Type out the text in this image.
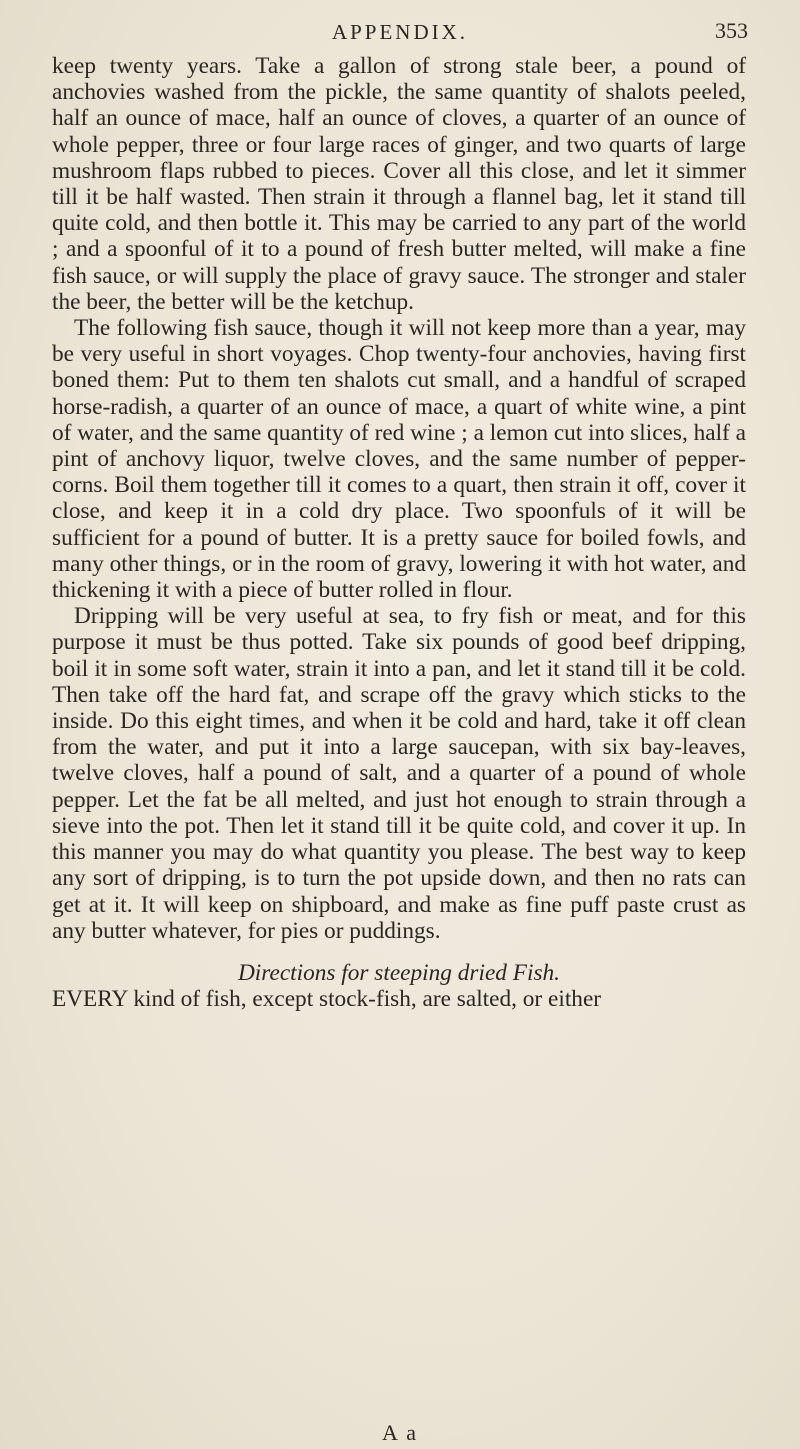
APPENDIX.	353

keep twenty years. Take a gallon of strong stale beer, a pound of anchovies washed from the pickle, the same quantity of shalots peeled, half an ounce of mace, half an ounce of cloves, a quarter of an ounce of whole pepper, three or four large races of ginger, and two quarts of large mushroom flaps rubbed to pieces. Cover all this close, and let it simmer till it be half wasted. Then strain it through a flannel bag, let it stand till quite cold, and then bottle it. This may be carried to any part of the world ; and a spoonful of it to a pound of fresh butter melted, will make a fine fish sauce, or will supply the place of gravy sauce. The stronger and staler the beer, the better will be the ketchup.

The following fish sauce, though it will not keep more than a year, may be very useful in short voyages. Chop twenty-four anchovies, having first boned them: Put to them ten shalots cut small, and a handful of scraped horse-radish, a quarter of an ounce of mace, a quart of white wine, a pint of water, and the same quantity of red wine ; a lemon cut into slices, half a pint of anchovy liquor, twelve cloves, and the same number of pepper-corns. Boil them together till it comes to a quart, then strain it off, cover it close, and keep it in a cold dry place. Two spoonfuls of it will be sufficient for a pound of butter. It is a pretty sauce for boiled fowls, and many other things, or in the room of gravy, lowering it with hot water, and thickening it with a piece of butter rolled in flour.

Dripping will be very useful at sea, to fry fish or meat, and for this purpose it must be thus potted. Take six pounds of good beef dripping, boil it in some soft water, strain it into a pan, and let it stand till it be cold. Then take off the hard fat, and scrape off the gravy which sticks to the inside. Do this eight times, and when it be cold and hard, take it off clean from the water, and put it into a large saucepan, with six bay-leaves, twelve cloves, half a pound of salt, and a quarter of a pound of whole pepper. Let the fat be all melted, and just hot enough to strain through a sieve into the pot. Then let it stand till it be quite cold, and cover it up. In this manner you may do what quantity you please. The best way to keep any sort of dripping, is to turn the pot upside down, and then no rats can get at it. It will keep on shipboard, and make as fine puff paste crust as any butter whatever, for pies or puddings.

Directions for steeping dried Fish.

EVERY kind of fish, except stock-fish, are salted, or either

A a
